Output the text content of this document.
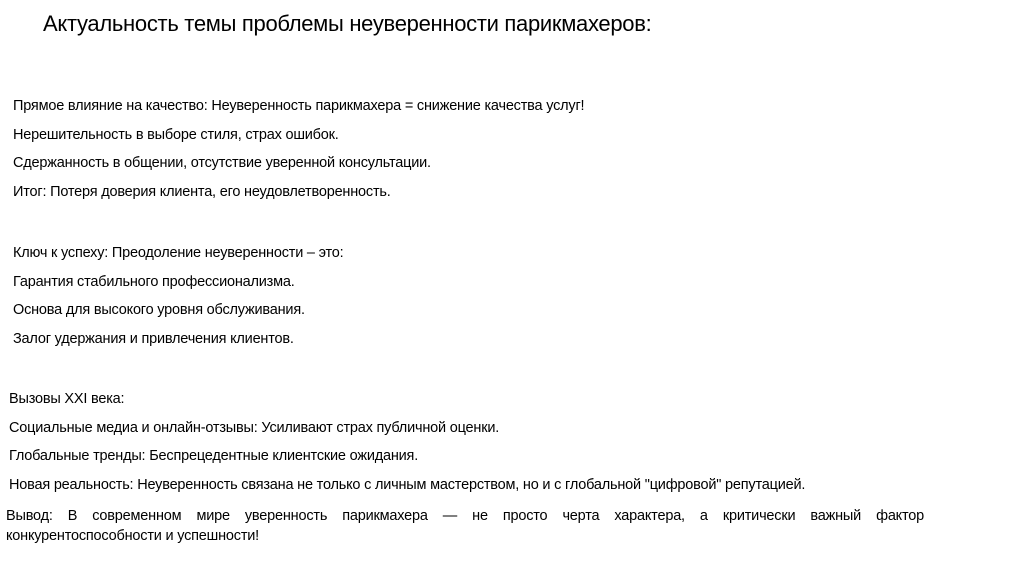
Актуальность темы проблемы неуверенности парикмахеров:
Прямое влияние на качество: Неуверенность парикмахера = снижение качества услуг!
Нерешительность в выборе стиля, страх ошибок.
Сдержанность в общении, отсутствие уверенной консультации.
Итог: Потеря доверия клиента, его неудовлетворенность.
Ключ к успеху: Преодоление неуверенности – это:
Гарантия стабильного профессионализма.
Основа для высокого уровня обслуживания.
Залог удержания и привлечения клиентов.
Вызовы XXI века:
Социальные медиа и онлайн-отзывы: Усиливают страх публичной оценки.
Глобальные тренды: Беспрецедентные клиентские ожидания.
Новая реальность: Неуверенность связана не только с личным мастерством, но и с глобальной "цифровой" репутацией.
Вывод: В современном мире уверенность парикмахера — не просто черта характера, а критически важный фактор конкурентоспособности и успешности!
